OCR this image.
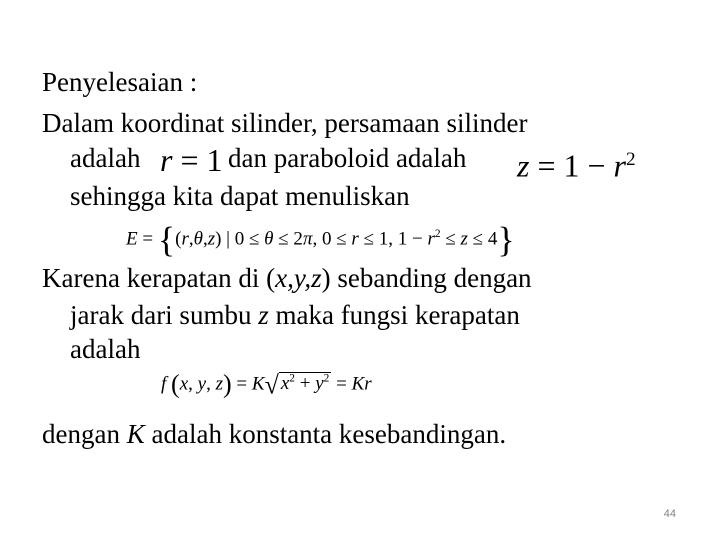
Penyelesaian :
Dalam koordinat silinder, persamaan silinder
adalah r = 1 dan paraboloid adalah $z = 1 - r^2$
sehingga kita dapat menuliskan
E = {(r,θ,z) | 0 ≤ θ ≤ 2π, 0 ≤ r ≤ 1, $1 - r^2 \le z \le 4$}
Karena kerapatan di (x,y,z) sebanding dengan
jarak dari sumbu z maka fungsi kerapatan
adalah
f (x, y, z) = K√ $x^2 + y^2 = Kr$
dengan K adalah konstanta kesebandingan.
44
